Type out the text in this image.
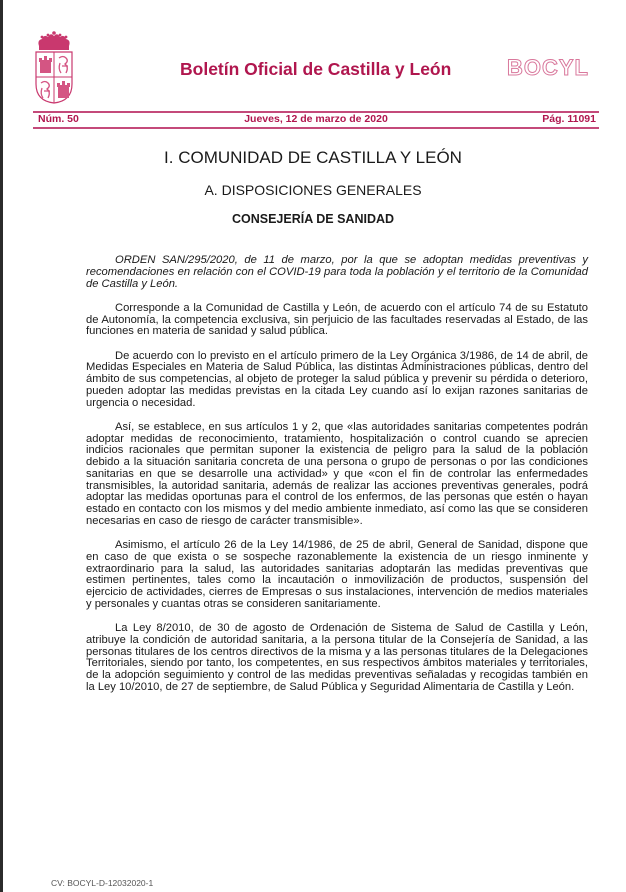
Boletín Oficial de Castilla y León	BOCYL
Núm. 50	Jueves, 12 de marzo de 2020	Pág. 11091
I. COMUNIDAD DE CASTILLA Y LEÓN
A. DISPOSICIONES GENERALES
CONSEJERÍA DE SANIDAD

ORDEN SAN/295/2020, de 11 de marzo, por la que se adoptan medidas preventivas y recomendaciones en relación con el COVID-19 para toda la población y el territorio de la Comunidad de Castilla y León.

Corresponde a la Comunidad de Castilla y León, de acuerdo con el artículo 74 de su Estatuto de Autonomía, la competencia exclusiva, sin perjuicio de las facultades reservadas al Estado, de las funciones en materia de sanidad y salud pública.

De acuerdo con lo previsto en el artículo primero de la Ley Orgánica 3/1986, de 14 de abril, de Medidas Especiales en Materia de Salud Pública, las distintas Administraciones públicas, dentro del ámbito de sus competencias, al objeto de proteger la salud pública y prevenir su pérdida o deterioro, pueden adoptar las medidas previstas en la citada Ley cuando así lo exijan razones sanitarias de urgencia o necesidad.

Así, se establece, en sus artículos 1 y 2, que «las autoridades sanitarias competentes podrán adoptar medidas de reconocimiento, tratamiento, hospitalización o control cuando se aprecien indicios racionales que permitan suponer la existencia de peligro para la salud de la población debido a la situación sanitaria concreta de una persona o grupo de personas o por las condiciones sanitarias en que se desarrolle una actividad» y que «con el fin de controlar las enfermedades transmisibles, la autoridad sanitaria, además de realizar las acciones preventivas generales, podrá adoptar las medidas oportunas para el control de los enfermos, de las personas que estén o hayan estado en contacto con los mismos y del medio ambiente inmediato, así como las que se consideren necesarias en caso de riesgo de carácter transmisible».

Asimismo, el artículo 26 de la Ley 14/1986, de 25 de abril, General de Sanidad, dispone que en caso de que exista o se sospeche razonablemente la existencia de un riesgo inminente y extraordinario para la salud, las autoridades sanitarias adoptarán las medidas preventivas que estimen pertinentes, tales como la incautación o inmovilización de productos, suspensión del ejercicio de actividades, cierres de Empresas o sus instalaciones, intervención de medios materiales y personales y cuantas otras se consideren sanitariamente.

La Ley 8/2010, de 30 de agosto de Ordenación de Sistema de Salud de Castilla y León, atribuye la condición de autoridad sanitaria, a la persona titular de la Consejería de Sanidad, a las personas titulares de los centros directivos de la misma y a las personas titulares de la Delegaciones Territoriales, siendo por tanto, los competentes, en sus respectivos ámbitos materiales y territoriales, de la adopción seguimiento y control de las medidas preventivas señaladas y recogidas también en la Ley 10/2010, de 27 de septiembre, de Salud Pública y Seguridad Alimentaria de Castilla y León.

CV: BOCYL-D-12032020-1
